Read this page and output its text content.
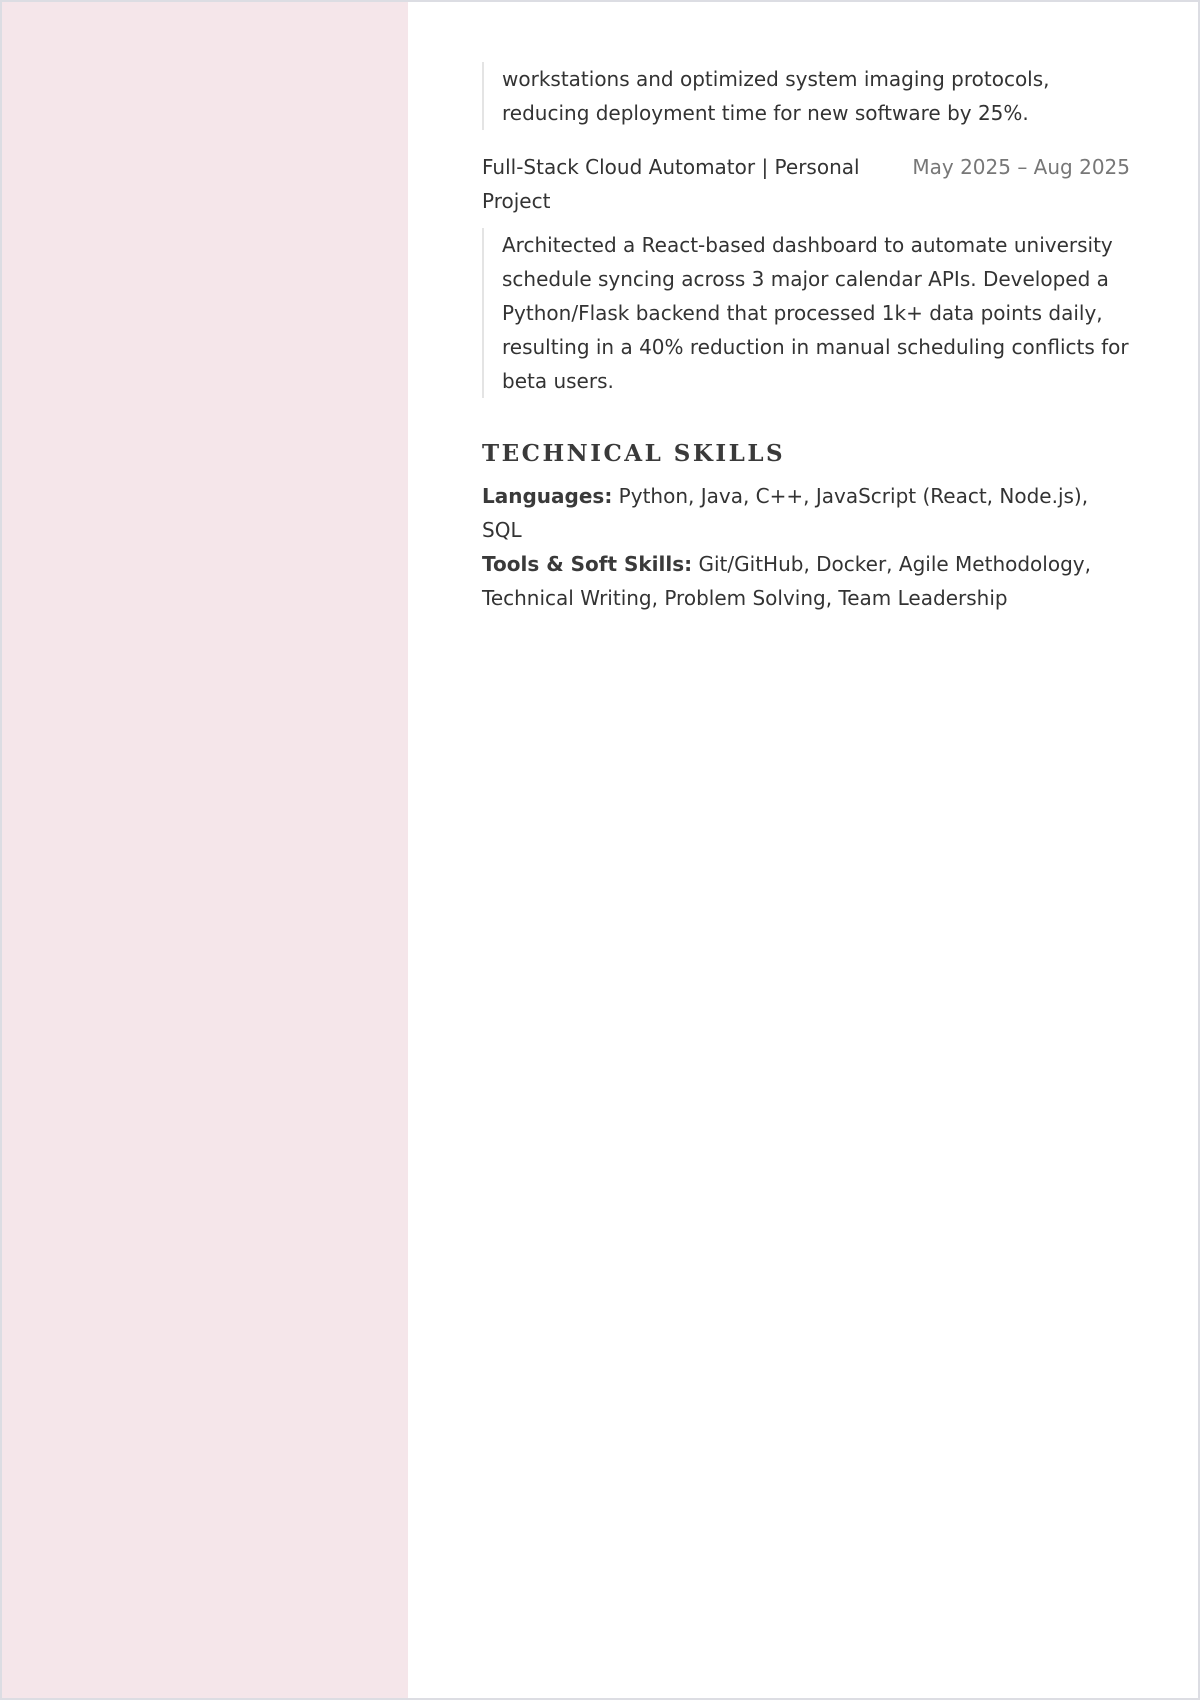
workstations and optimized system imaging protocols, reducing deployment time for new software by 25%.
Full-Stack Cloud Automator | Personal Project
May 2025 – Aug 2025
Architected a React-based dashboard to automate university schedule syncing across 3 major calendar APIs. Developed a Python/Flask backend that processed 1k+ data points daily, resulting in a 40% reduction in manual scheduling conflicts for beta users.
TECHNICAL SKILLS
Languages: Python, Java, C++, JavaScript (React, Node.js), SQL
Tools & Soft Skills: Git/GitHub, Docker, Agile Methodology, Technical Writing, Problem Solving, Team Leadership
